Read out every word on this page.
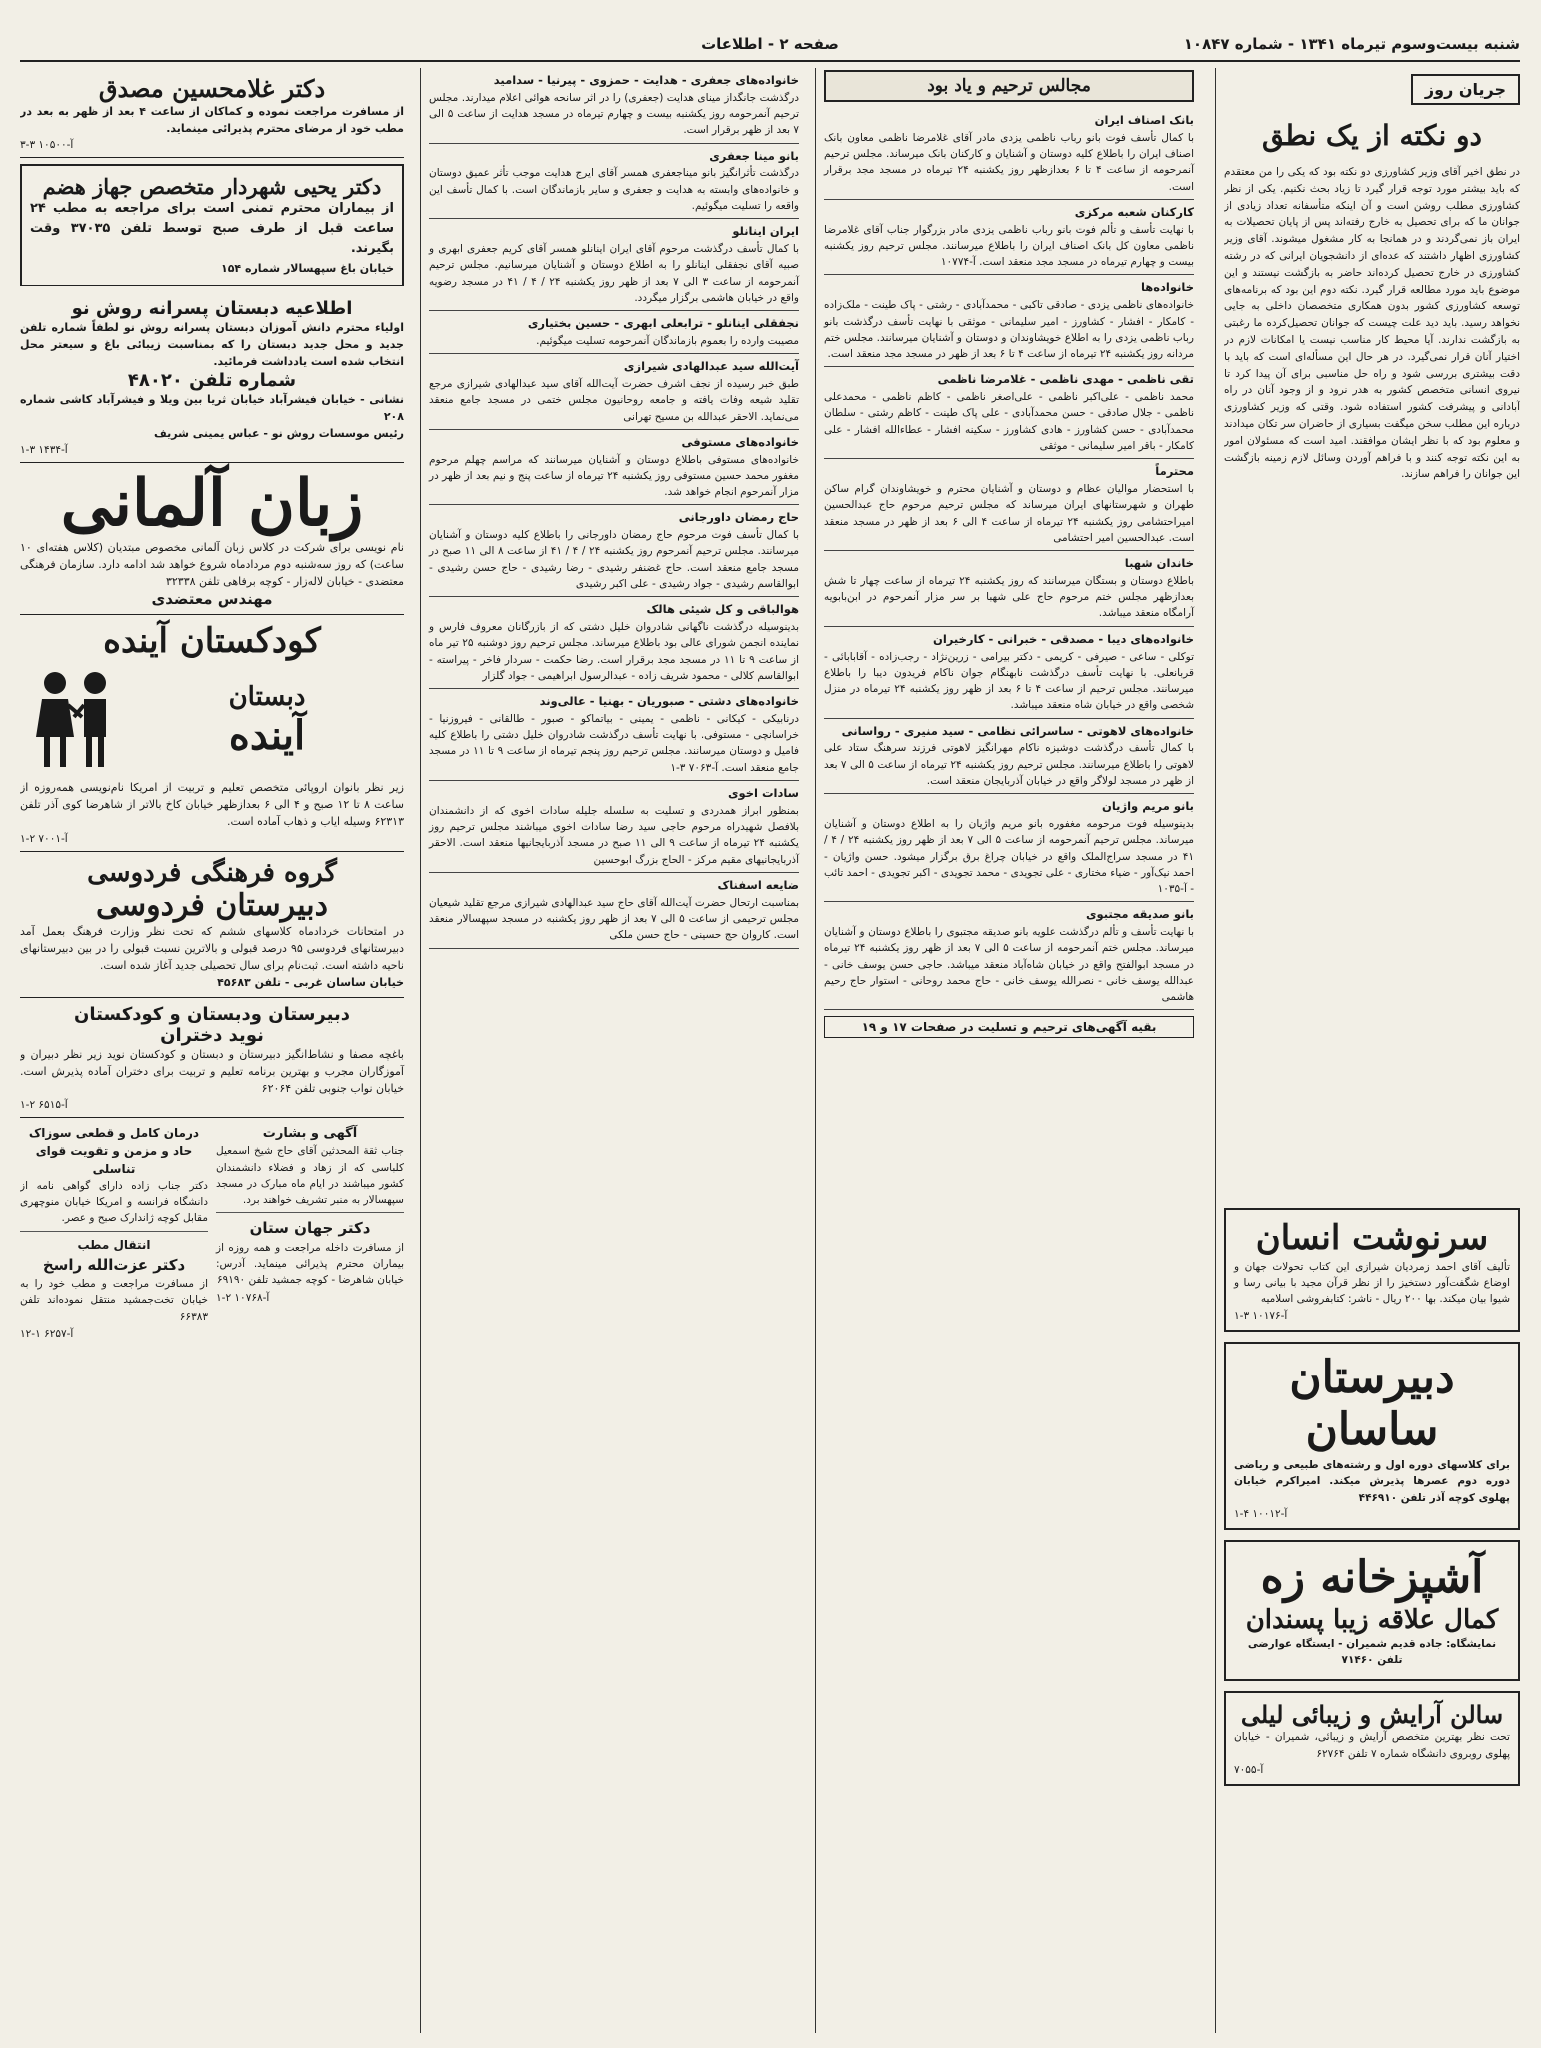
شنبه بیست‌وسوم تیرماه ۱۳۴۱ - شماره ۱۰۸۴۷
صفحه ۲ - اطلاعات
جریان روز
دو نکته از یک نطق
در نطق اخیر آقای وزیر کشاورزی دو نکته بود که یکی را من معتقدم که باید بیشتر مورد توجه قرار گیرد تا زیاد بحث نکنیم. یکی از نظر کشاورزی مطلب روشن است و آن اینکه متأسفانه تعداد زیادی از جوانان ما که برای تحصیل به خارج رفته‌اند پس از پایان تحصیلات به ایران باز نمی‌گردند و در همانجا به کار مشغول میشوند. آقای وزیر کشاورزی اظهار داشتند که عده‌ای از دانشجویان ایرانی که در رشته کشاورزی در خارج تحصیل کرده‌اند حاضر به بازگشت نیستند و این موضوع باید مورد مطالعه قرار گیرد. نکته دوم این بود که برنامه‌های توسعه کشاورزی کشور بدون همکاری متخصصان داخلی به جایی نخواهد رسید. باید دید علت چیست که جوانان تحصیل‌کرده ما رغبتی به بازگشت ندارند. آیا محیط کار مناسب نیست یا امکانات لازم در اختیار آنان قرار نمی‌گیرد. در هر حال این مسأله‌ای است که باید با دقت بیشتری بررسی شود و راه حل مناسبی برای آن پیدا کرد تا نیروی انسانی متخصص کشور به هدر نرود و از وجود آنان در راه آبادانی و پیشرفت کشور استفاده شود. وقتی که وزیر کشاورزی درباره این مطلب سخن میگفت بسیاری از حاضران سر تکان میدادند و معلوم بود که با نظر ایشان موافقند. امید است که مسئولان امور به این نکته توجه کنند و با فراهم آوردن وسائل لازم زمینه بازگشت این جوانان را فراهم سازند.
سرنوشت انسان
تألیف آقای احمد زمردیان شیرازی این کتاب تحولات جهان و اوضاع شگفت‌آور دستخیز را از نظر قرآن مجید با بیانی رسا و شیوا بیان میکند. بها ۲۰۰ ریال - ناشر: کتابفروشی اسلامیه
آ-۱۰۱۷۶ ۳-۱
دبیرستان ساسان
برای کلاسهای دوره اول و رشته‌های طبیعی و ریاضی دوره دوم عصرها پذیرش میکند. امیراکرم خیابان پهلوی کوچه آذر تلفن ۴۴۶۹۱۰
آ-۱۰۰۱۲ ۴-۱
آشپزخانه زه
کمال علاقه زیبا پسندان
نمایشگاه: جاده قدیم شمیران - ایستگاه عوارضی تلفن ۷۱۴۶۰
سالن آرایش و زیبائی لیلی
تحت نظر بهترین متخصص آرایش و زیبائی، شمیران - خیابان پهلوی روبروی دانشگاه شماره ۷ تلفن ۶۲۷۶۴
آ-۷۰۵۵
مجالس ترحیم و یاد بود
بانک اصناف ایران
با کمال تأسف فوت بانو رباب ناظمی یزدی مادر آقای غلامرضا ناظمی معاون بانک اصناف ایران را باطلاع کلیه دوستان و آشنایان و کارکنان بانک میرساند. مجلس ترحیم آنمرحومه از ساعت ۴ تا ۶ بعدازظهر روز یکشنبه ۲۴ تیرماه در مسجد مجد برقرار است.
کارکنان شعبه مرکزی
با نهایت تأسف و تألم فوت بانو رباب ناظمی یزدی مادر بزرگوار جناب آقای غلامرضا ناظمی معاون کل بانک اصناف ایران را باطلاع میرسانند. مجلس ترحیم روز یکشنبه بیست و چهارم تیرماه در مسجد مجد منعقد است. آ-۱۰۷۷۴
خانواده‌ها
خانواده‌های ناظمی یزدی - صادقی تاکبی - محمدآبادی - رشتی - پاک طینت - ملک‌زاده - کامکار - افشار - کشاورز - امیر سلیمانی - موثقی با نهایت تأسف درگذشت بانو رباب ناظمی یزدی را به اطلاع خویشاوندان و دوستان و آشنایان میرسانند. مجلس ختم مردانه روز یکشنبه ۲۴ تیرماه از ساعت ۴ تا ۶ بعد از ظهر در مسجد مجد منعقد است.
تقی ناظمی - مهدی ناظمی - غلامرضا ناظمی
محمد ناظمی - علی‌اکبر ناظمی - علی‌اصغر ناظمی - کاظم ناظمی - محمدعلی ناظمی - جلال صادقی - حسن محمدآبادی - علی پاک طینت - کاظم رشتی - سلطان محمدآبادی - حسن کشاورز - هادی کشاورز - سکینه افشار - عطاءالله افشار - علی کامکار - باقر امیر سلیمانی - موثقی
محترماً
با استحضار موالیان عظام و دوستان و آشنایان محترم و خویشاوندان گرام ساکن طهران و شهرستانهای ایران میرساند که مجلس ترحیم مرحوم حاج عبدالحسین امیراحتشامی روز یکشنبه ۲۴ تیرماه از ساعت ۴ الی ۶ بعد از ظهر در مسجد منعقد است. عبدالحسین امیر احتشامی
خاندان شهبا
باطلاع دوستان و بستگان میرسانند که روز یکشنبه ۲۴ تیرماه از ساعت چهار تا شش بعدازظهر مجلس ختم مرحوم حاج علی شهبا بر سر مزار آنمرحوم در ابن‌بابویه آرامگاه منعقد میباشد.
خانواده‌های دیبا - مصدقی - خبرانی - کارخیران
توکلی - ساعی - صیرفی - کریمی - دکتر بیرامی - زرین‌نژاد - رجب‌زاده - آقابابائی - قربانعلی. با نهایت تأسف درگذشت نابهنگام جوان ناکام فریدون دیبا را باطلاع میرسانند. مجلس ترحیم از ساعت ۴ تا ۶ بعد از ظهر روز یکشنبه ۲۴ تیرماه در منزل شخصی واقع در خیابان شاه منعقد میباشد.
خانواده‌های لاهوتی - ساسرائی نظامی - سید منیری - رواسانی
با کمال تأسف درگذشت دوشیزه ناکام مهرانگیز لاهوتی فرزند سرهنگ ستاد علی لاهوتی را باطلاع میرسانند. مجلس ترحیم روز یکشنبه ۲۴ تیرماه از ساعت ۵ الی ۷ بعد از ظهر در مسجد لولاگر واقع در خیابان آذربایجان منعقد است.
بانو مریم واژیان
بدینوسیله فوت مرحومه مغفوره بانو مریم واژیان را به اطلاع دوستان و آشنایان میرساند. مجلس ترحیم آنمرحومه از ساعت ۵ الی ۷ بعد از ظهر روز یکشنبه ۲۴ / ۴ / ۴۱ در مسجد سراج‌الملک واقع در خیابان چراغ برق برگزار میشود. حسن واژیان - احمد نیک‌آور - ضیاء مختاری - علی تجویدی - محمد تجویدی - اکبر تجویدی - احمد تائب - آ-۱۰۳۵
بانو صدیقه مجتبوی
با نهایت تأسف و تألم درگذشت علویه بانو صدیقه مجتبوی را باطلاع دوستان و آشنایان میرساند. مجلس ختم آنمرحومه از ساعت ۵ الی ۷ بعد از ظهر روز یکشنبه ۲۴ تیرماه در مسجد ابوالفتح واقع در خیابان شاه‌آباد منعقد میباشد. حاجی حسن یوسف خانی - عبدالله یوسف خانی - نصرالله یوسف خانی - حاج محمد روحانی - استوار حاج رحیم هاشمی
بقیه آگهی‌های ترحیم و تسلیت در صفحات ۱۷ و ۱۹
خانواده‌های جعفری - هدایت - حمزوی - پیرنیا - سدامید
درگذشت جانگداز مینای هدایت (جعفری) را در اثر سانحه هوائی اعلام میدارند. مجلس ترحیم آنمرحومه روز یکشنبه بیست و چهارم تیرماه در مسجد هدایت از ساعت ۵ الی ۷ بعد از ظهر برقرار است.
بانو مینا جعفری
درگذشت تأثرانگیز بانو میناجعفری همسر آقای ایرج هدایت موجب تأثر عمیق دوستان و خانواده‌های وابسته به هدایت و جعفری و سایر بازماندگان است. با کمال تأسف این واقعه را تسلیت میگوئیم.
ایران اینانلو
با کمال تأسف درگذشت مرحوم آقای ایران اینانلو همسر آقای کریم جعفری ابهری و صبیه آقای نجفقلی اینانلو را به اطلاع دوستان و آشنایان میرسانیم. مجلس ترحیم آنمرحومه از ساعت ۳ الی ۷ بعد از ظهر روز یکشنبه ۲۴ / ۴ / ۴۱ در مسجد رضویه واقع در خیابان هاشمی برگزار میگردد.
نجفقلی اینانلو - ترابعلی ابهری - حسین بختیاری
مصیبت وارده را بعموم بازماندگان آنمرحومه تسلیت میگوئیم.
آیت‌الله سید عبدالهادی شیرازی
طبق خبر رسیده از نجف اشرف حضرت آیت‌الله آقای سید عبدالهادی شیرازی مرجع تقلید شیعه وفات یافته و جامعه روحانیون مجلس ختمی در مسجد جامع منعقد می‌نماید. الاحقر عبدالله بن مسیح تهرانی
خانواده‌های مستوفی
خانواده‌های مستوفی باطلاع دوستان و آشنایان میرسانند که مراسم چهلم مرحوم مغفور محمد حسین مستوفی روز یکشنبه ۲۴ تیرماه از ساعت پنج و نیم بعد از ظهر در مزار آنمرحوم انجام خواهد شد.
حاج رمضان داورجانی
با کمال تأسف فوت مرحوم حاج رمضان داورجانی را باطلاع کلیه دوستان و آشنایان میرسانند. مجلس ترحیم آنمرحوم روز یکشنبه ۲۴ / ۴ / ۴۱ از ساعت ۸ الی ۱۱ صبح در مسجد جامع منعقد است. حاج غضنفر رشیدی - رضا رشیدی - حاج حسن رشیدی - ابوالقاسم رشیدی - جواد رشیدی - علی اکبر رشیدی
هوالباقی و کل شیئی هالک
بدینوسیله درگذشت ناگهانی شادروان خلیل دشتی که از بازرگانان معروف فارس و نماینده انجمن شورای عالی بود باطلاع میرساند. مجلس ترحیم روز دوشنبه ۲۵ تیر ماه از ساعت ۹ تا ۱۱ در مسجد مجد برقرار است. رضا حکمت - سردار فاخر - پیراسته - ابوالقاسم کلالی - محمود شریف زاده - عبدالرسول ابراهیمی - جواد گلزار
خانواده‌های دشتی - صبوریان - بهنیا - عالی‌وند
درنابیکی - کیکانی - ناظمی - یمینی - بیاتماکو - صبور - طالقانی - فیروزنیا - خراسانچی - مستوفی. با نهایت تأسف درگذشت شادروان خلیل دشتی را باطلاع کلیه فامیل و دوستان میرسانند. مجلس ترحیم روز پنجم تیرماه از ساعت ۹ تا ۱۱ در مسجد جامع منعقد است. آ-۷۰۶۳ ۳-۱
سادات اخوی
بمنظور ابراز همدردی و تسلیت به سلسله جلیله سادات اخوی که از دانشمندان بلافصل شهیدراه مرحوم حاجی سید رضا سادات اخوی میباشند مجلس ترحیم روز یکشنبه ۲۴ تیرماه از ساعت ۹ الی ۱۱ صبح در مسجد آذربایجانیها منعقد است. الاحقر آذربایجانیهای مقیم مرکز - الحاج بزرگ ابوحسین
ضایعه اسفناک
بمناسبت ارتحال حضرت آیت‌الله آقای حاج سید عبدالهادی شیرازی مرجع تقلید شیعیان مجلس ترحیمی از ساعت ۵ الی ۷ بعد از ظهر روز یکشنبه در مسجد سپهسالار منعقد است. کاروان حج حسینی - حاج حسن ملکی
دکتر غلامحسین مصدق
از مسافرت مراجعت نموده و کماکان از ساعت ۴ بعد از ظهر به بعد در مطب خود از مرضای محترم پذیرائی مینماید.
آ-۱۰۵۰۰ ۳-۳
دکتر یحیی شهردار متخصص جهاز هضم
از بیماران محترم تمنی است برای مراجعه به مطب ۲۴ ساعت قبل از طرف صبح توسط تلفن ۳۷۰۳۵ وقت بگیرند.
خیابان باغ سپهسالار شماره ۱۵۴
اطلاعیه دبستان پسرانه روش نو
اولیاء محترم دانش آموزان دبستان پسرانه روش نو لطفاً شماره تلفن جدید و محل جدید دبستان را که بمناسبت زیبائی باغ و سیعتر محل انتخاب شده است یادداشت فرمائید.
شماره تلفن ۴۸۰۲۰
نشانی - خیابان فیشرآباد خیابان ثریا بین ویلا و فیشرآباد کاشی شماره ۲۰۸
رئیس موسسات روش نو - عباس یمینی شریف
آ-۱۴۳۴ ۳-۱
زبان آلمانی
نام نویسی برای شرکت در کلاس زبان آلمانی مخصوص مبتدیان (کلاس هفته‌ای ۱۰ ساعت) که روز سه‌شنبه دوم مردادماه شروع خواهد شد ادامه دارد. سازمان فرهنگی معتضدی - خیابان لاله‌زار - کوچه برفاهی تلفن ۳۲۳۳۸
مهندس معتضدی
کودکستان آینده
دبستان
آینده
زیر نظر بانوان اروپائی متخصص تعلیم و تربیت از امریکا نام‌نویسی همه‌روزه از ساعت ۸ تا ۱۲ صبح و ۴ الی ۶ بعدازظهر خیابان کاخ بالاتر از شاهرضا کوی آذر تلفن ۶۲۳۱۳ وسیله ایاب و ذهاب آماده است.
آ-۷۰۰۱ ۲-۱
گروه فرهنگی فردوسی
دبیرستان فردوسی
در امتحانات خردادماه کلاسهای ششم که تحت نظر وزارت فرهنگ بعمل آمد دبیرستانهای فردوسی ۹۵ درصد قبولی و بالاترین نسبت قبولی را در بین دبیرستانهای ناحیه داشته است. ثبت‌نام برای سال تحصیلی جدید آغاز شده است.
خیابان ساسان غربی - تلفن ۴۵۶۸۳
دبیرستان ودبستان و کودکستان
نوید دختران
باغچه مصفا و نشاط‌انگیز دبیرستان و دبستان و کودکستان نوید زیر نظر دبیران و آموزگاران مجرب و بهترین برنامه تعلیم و تربیت برای دختران آماده پذیرش است. خیابان نواب جنوبی تلفن ۶۲۰۶۴
آ-۶۵۱۵ ۲-۱
آگهی و بشارت
جناب ثقة المحدثین آقای حاج شیخ اسمعیل کلباسی که از زهاد و فضلاء دانشمندان کشور میباشند در ایام ماه مبارک در مسجد سپهسالار به منبر تشریف خواهند برد.
دکتر جهان ستان
از مسافرت داخله مراجعت و همه روزه از بیماران محترم پذیرائی مینماید. آدرس: خیابان شاهرضا - کوچه جمشید تلفن ۶۹۱۹۰
آ-۱۰۷۶۸ ۲-۱
درمان کامل و قطعی سوزاک
حاد و مزمن و تقویت قوای تناسلی
دکتر جناب زاده دارای گواهی نامه از دانشگاه فرانسه و امریکا خیابان منوچهری مقابل کوچه ژاندارک صبح و عصر.
انتقال مطب
دکتر عزت‌الله راسخ
از مسافرت مراجعت و مطب خود را به خیابان تخت‌جمشید منتقل نموده‌اند تلفن ۶۶۳۸۳
آ-۶۲۵۷ ۱-۱۲
